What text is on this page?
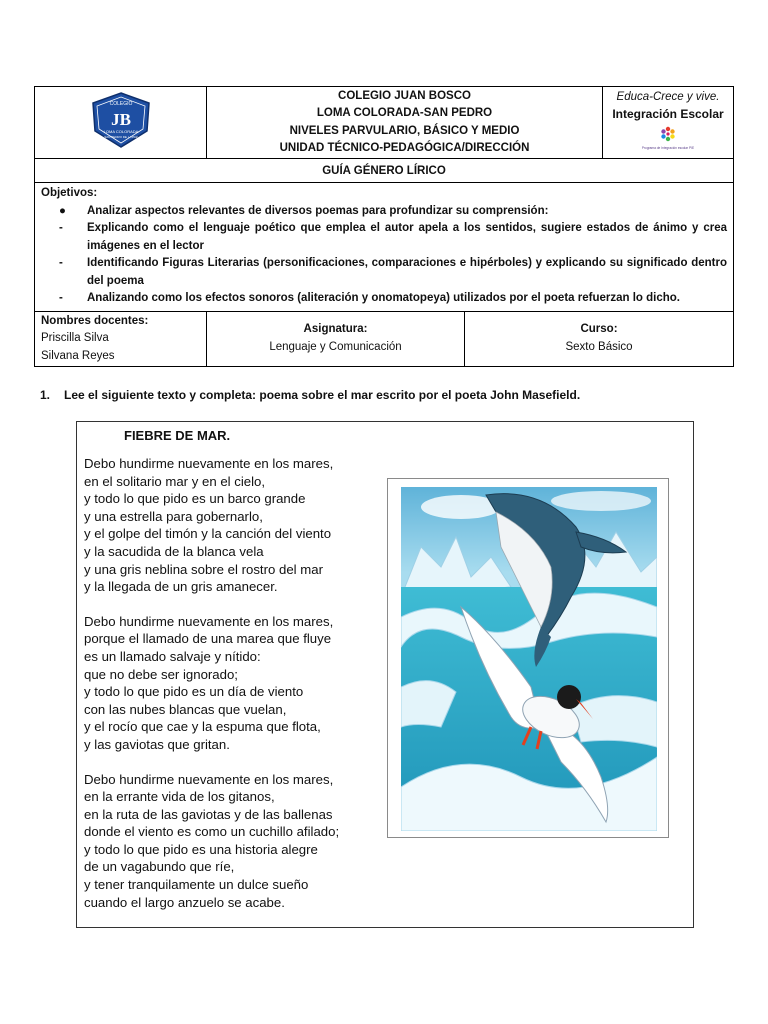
COLEGIO
JB
LOMA COLORADA
SAN PEDRO DE LA PAZ

COLEGIO JUAN BOSCO
LOMA COLORADA-SAN PEDRO
NIVELES PARVULARIO, BÁSICO Y MEDIO
UNIDAD TÉCNICO-PEDAGÓGICA/DIRECCIÓN

Educa-Crece y vive.
Integración Escolar
Programa de Integración escolar PIE

GUÍA GÉNERO LÍRICO

Objetivos:
●	Analizar aspectos relevantes de diversos poemas para profundizar su comprensión:
-	Explicando como el lenguaje poético que emplea el autor apela a los sentidos, sugiere estados de ánimo y crea imágenes en el lector
-	Identificando Figuras Literarias (personificaciones, comparaciones e hipérboles) y explicando su significado dentro del poema
-	Analizando como los efectos sonoros (aliteración y onomatopeya) utilizados por el poeta refuerzan lo dicho.

Nombres docentes:
Priscilla Silva
Silvana Reyes

Asignatura:
Lenguaje y Comunicación

Curso:
Sexto Básico
1. Lee el siguiente texto y completa: poema sobre el mar escrito por el poeta John Masefield.
FIEBRE DE MAR.
Debo hundirme nuevamente en los mares,
en el solitario mar y en el cielo,
y todo lo que pido es un barco grande
y una estrella para gobernarlo,
y el golpe del timón y la canción del viento
y la sacudida de la blanca vela
y una gris neblina sobre el rostro del mar
y la llegada de un gris amanecer.
Debo hundirme nuevamente en los mares,
porque el llamado de una marea que fluye
es un llamado salvaje y nítido:
que no debe ser ignorado;
y todo lo que pido es un día de viento
con las nubes blancas que vuelan,
y el rocío que cae y la espuma que flota,
y las gaviotas que gritan.
Debo hundirme nuevamente en los mares,
en la errante vida de los gitanos,
en la ruta de las gaviotas y de las ballenas
donde el viento es como un cuchillo afilado;
y todo lo que pido es una historia alegre
de un vagabundo que ríe,
y tener tranquilamente un dulce sueño
cuando el largo anzuelo se acabe.
